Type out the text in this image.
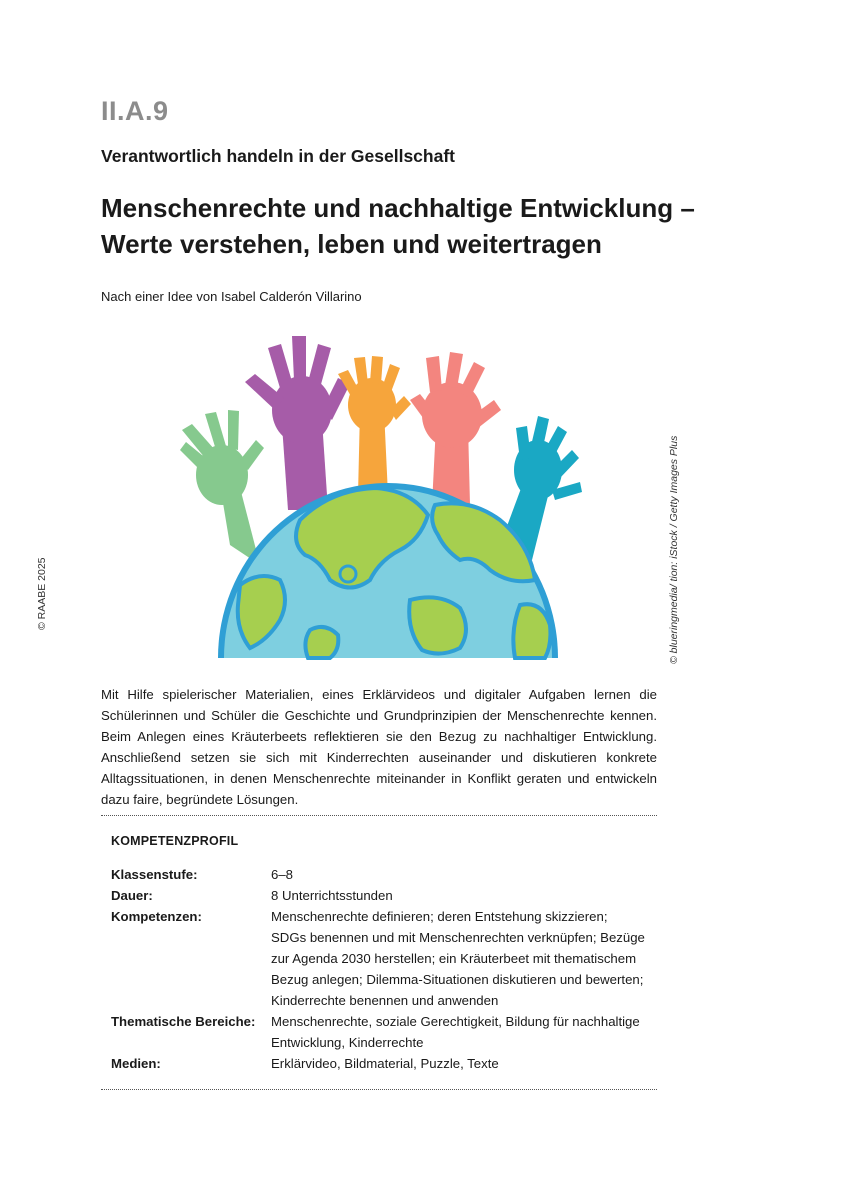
II.A.9
Verantwortlich handeln in der Gesellschaft
Menschenrechte und nachhaltige Entwicklung –
Werte verstehen, leben und weitertragen
Nach einer Idee von Isabel Calderón Villarino
© RAABE 2025	© blueringmedia/ tion: iStock / Getty Images Plus
Mit Hilfe spielerischer Materialien, eines Erklärvideos und digitaler Aufgaben lernen die Schülerinnen und Schüler die Geschichte und Grundprinzipien der Menschenrechte kennen. Beim Anlegen eines Kräuterbeets reflektieren sie den Bezug zu nachhaltiger Entwicklung. Anschließend setzen sie sich mit Kinderrechten auseinander und diskutieren konkrete Alltagssituationen, in denen Menschenrechte miteinander in Konflikt geraten und entwickeln dazu faire, begründete Lösungen.
KOMPETENZPROFIL
Klassenstufe:	6–8
Dauer:	8 Unterrichtsstunden
Kompetenzen:	Menschenrechte definieren; deren Entstehung skizzieren; SDGs benennen und mit Menschenrechten verknüpfen; Bezüge zur Agenda 2030 herstellen; ein Kräuterbeet mit thematischem Bezug anlegen; Dilemma-Situationen diskutieren und bewerten; Kinderrechte benennen und anwenden
Thematische Bereiche:	Menschenrechte, soziale Gerechtigkeit, Bildung für nachhaltige Entwicklung, Kinderrechte
Medien:	Erklärvideo, Bildmaterial, Puzzle, Texte
